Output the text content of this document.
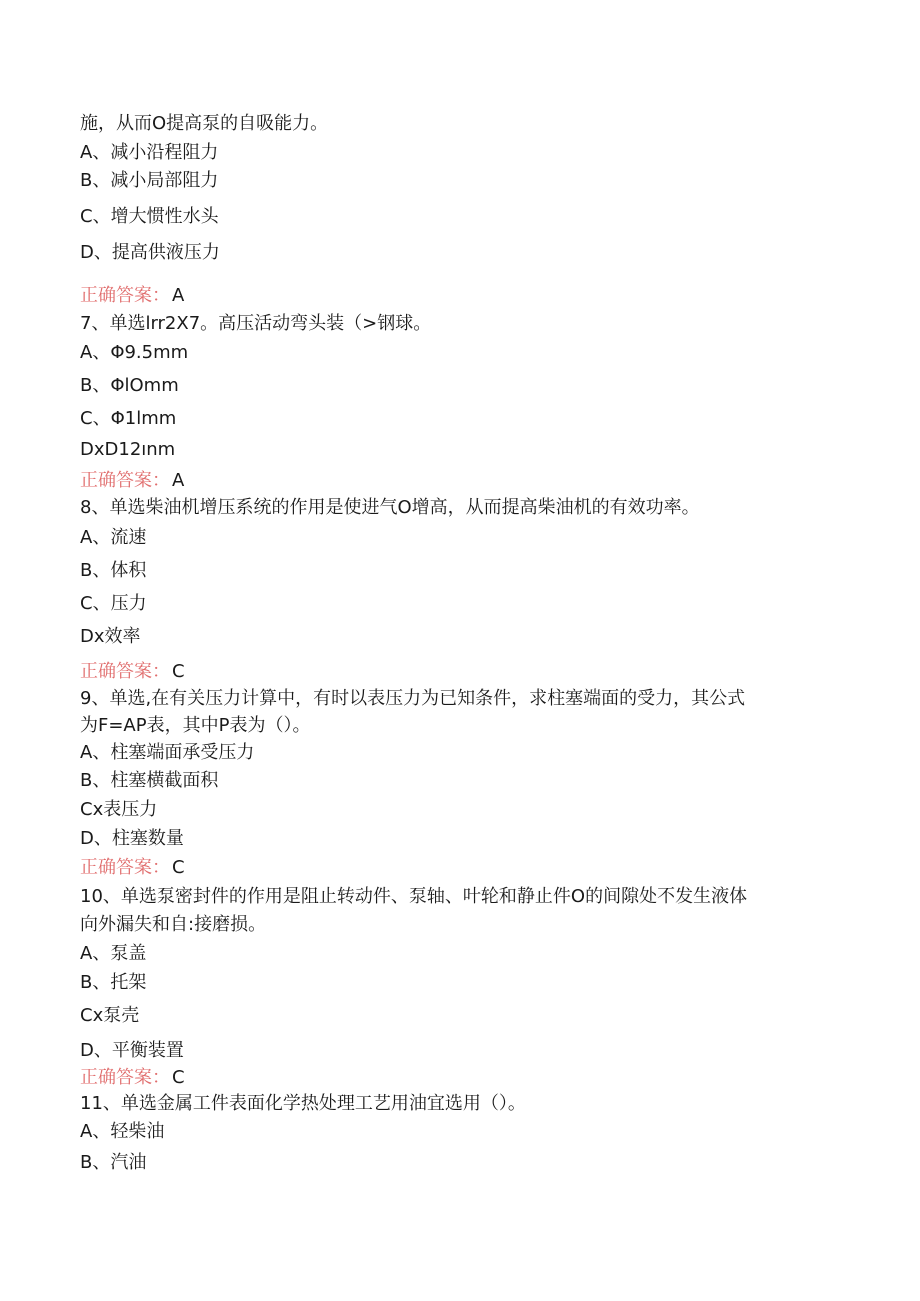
施，从而O提高泵的自吸能力。
A、减小沿程阻力
B、减小局部阻力
C、增大惯性水头
D、提高供液压力
正确答案： A
7、单选lrr2X7。高压活动弯头装（>钢球。
A、Φ9.5mm
B、ΦlOmm
C、Φ1lmm
DxD12ınm
正确答案： A
8、单选柴油机增压系统的作用是使进气O增高，从而提高柴油机的有效功率。
A、流速
B、体积
C、压力
Dx效率
正确答案： C
9、单选,在有关压力计算中，有时以表压力为已知条件，求柱塞端面的受力，其公式
为F=AP表，其中P表为（）。
A、柱塞端面承受压力
B、柱塞横截面积
Cx表压力
D、柱塞数量
正确答案： C
10、单选泵密封件的作用是阻止转动件、泵轴、叶轮和静止件O的间隙处不发生液体
向外漏失和自:接磨损。
A、泵盖
B、托架
Cx泵壳
D、平衡装置
正确答案： C
11、单选金属工件表面化学热处理工艺用油宜选用（）。
A、轻柴油
B、汽油
